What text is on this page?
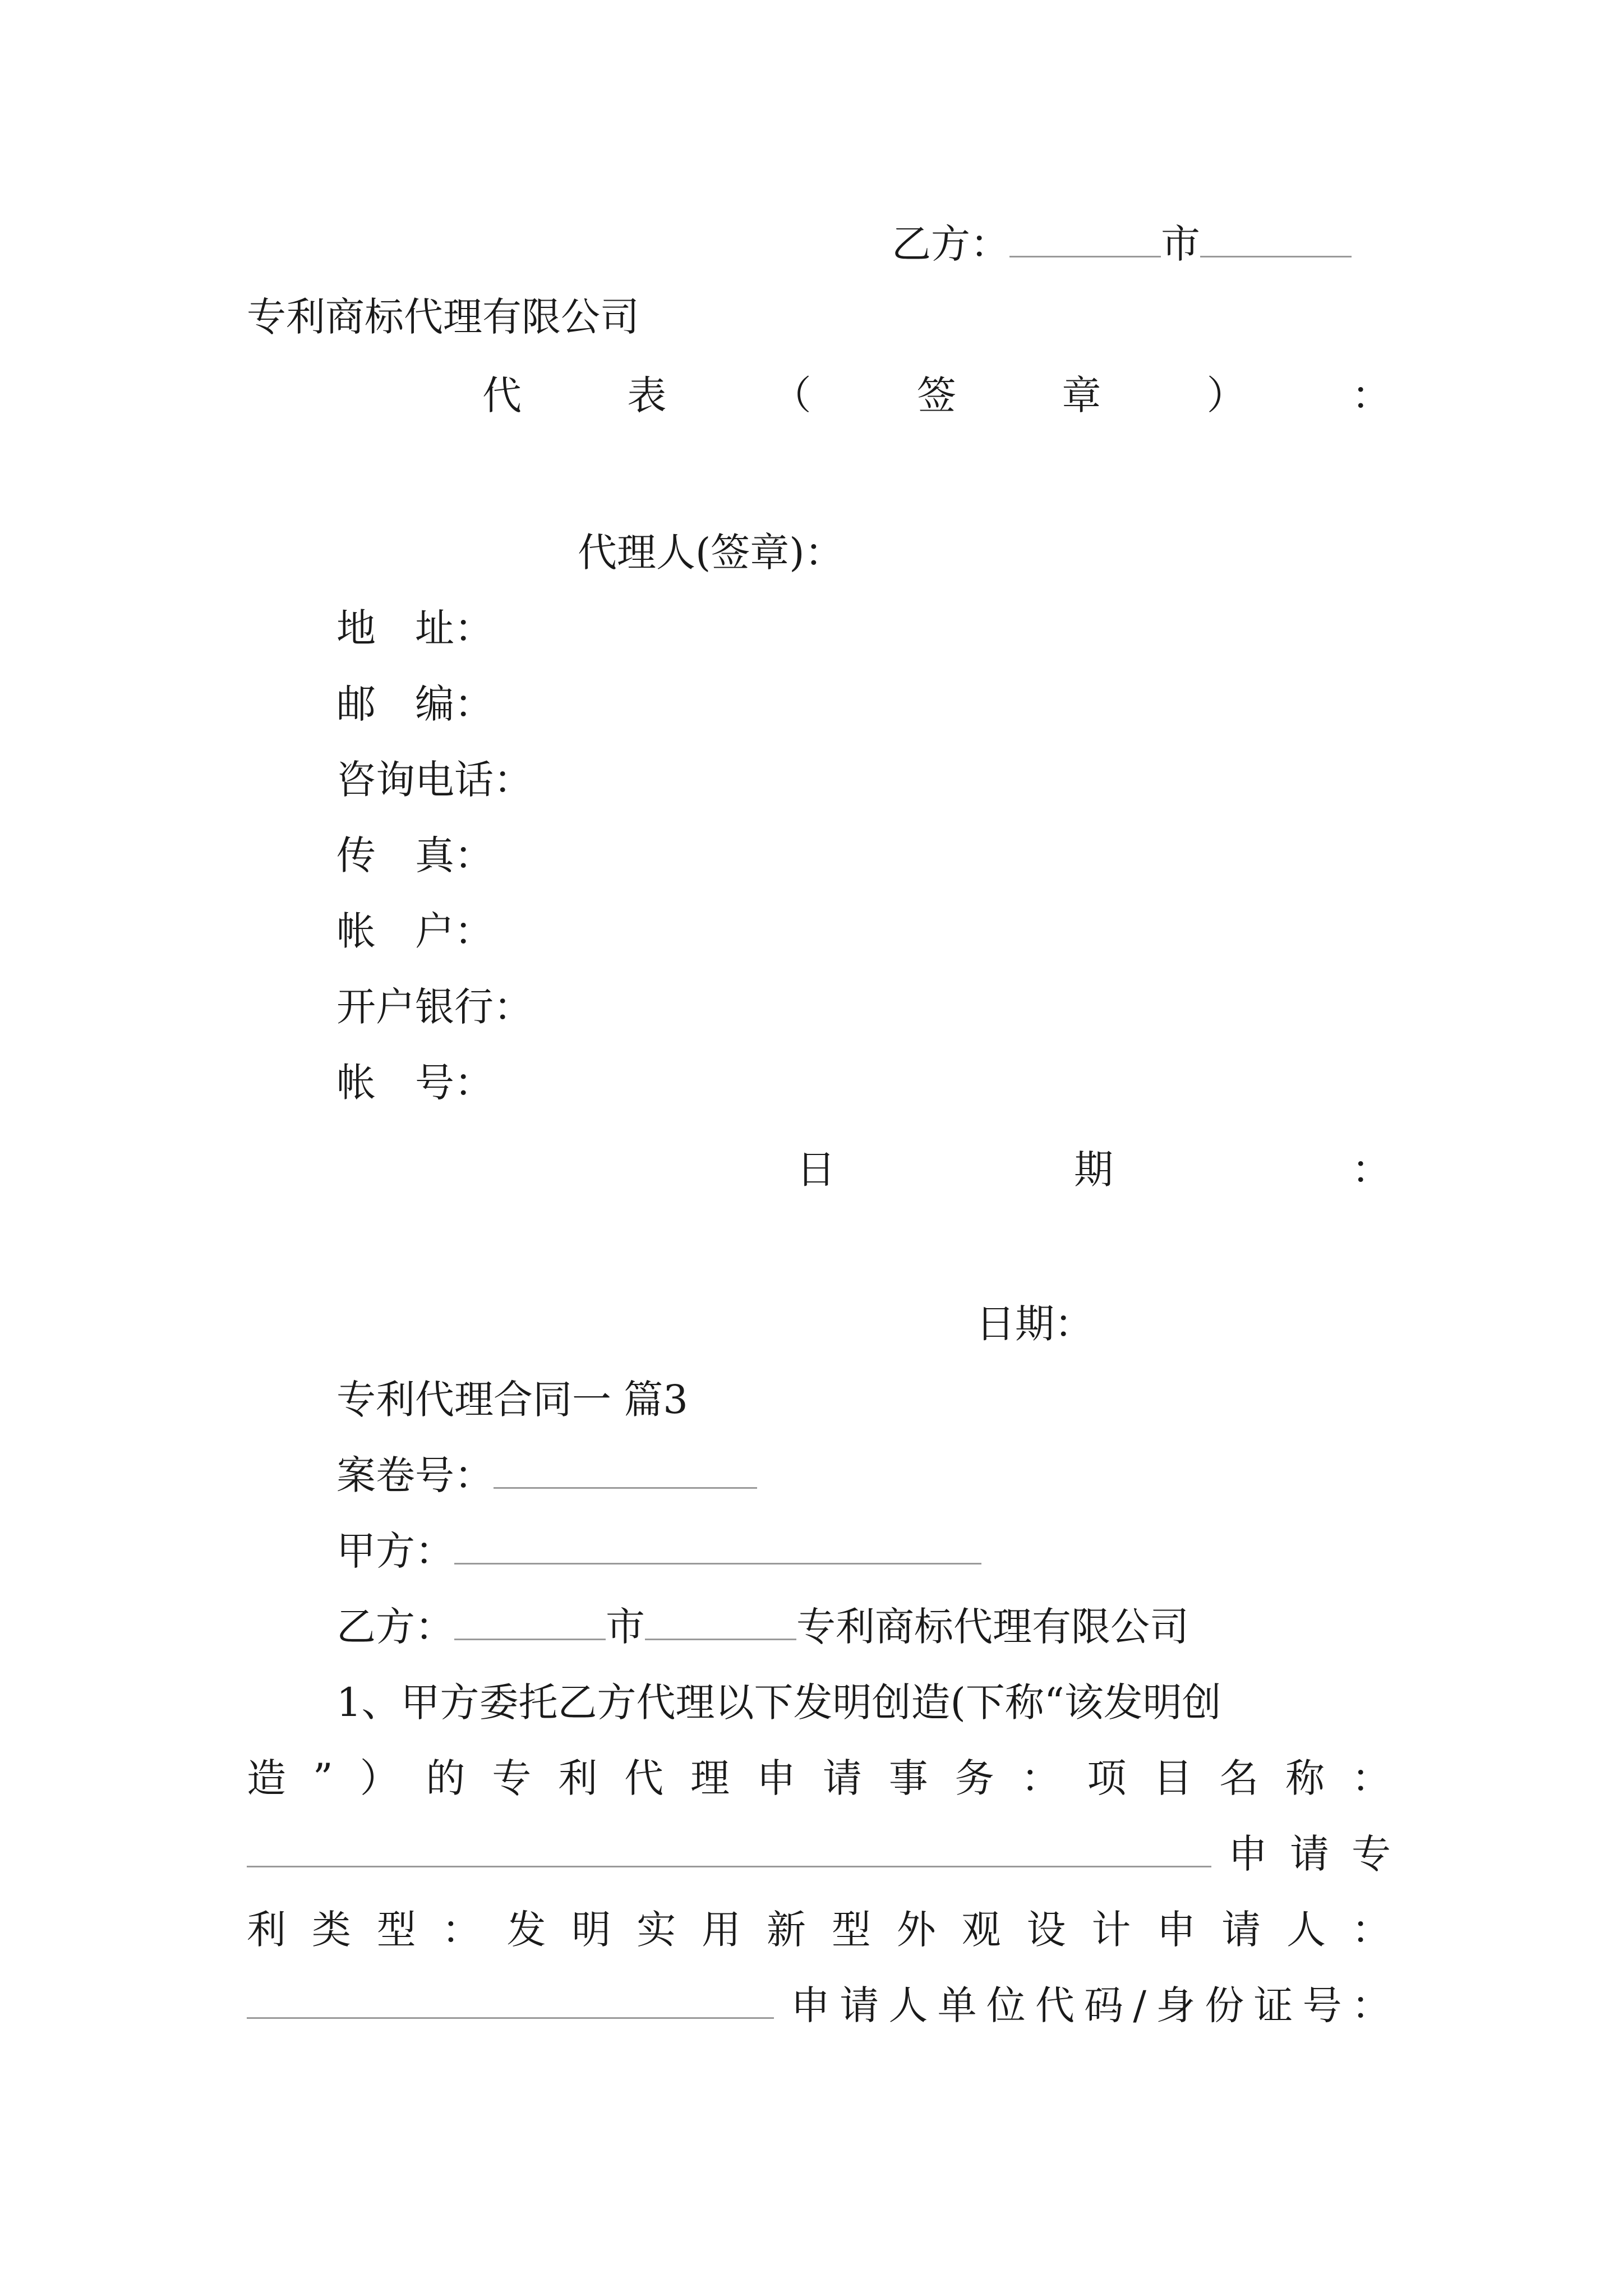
乙方：	市
专利商标代理有限公司
代	表	（	签	章	）	：
代理人(签章)：
地　址：
邮　编：
咨询电话：
传　真：
帐　户：
开户银行：
帐　号：
日	期	：
日期：
专利代理合同一 篇3
案卷号：
甲方：
乙方：	市	专利商标代理有限公司
1、甲方委托乙方代理以下发明创造(下称“该发明创
造 ” ） 的 专 利 代 理 申 请 事 务 ： 项 目 名 称 ：
申 请 专
利 类 型 ： 发 明 实 用 新 型 外 观 设 计 申 请 人 ：
申 请 人 单 位 代 码 / 身 份 证 号 ：
